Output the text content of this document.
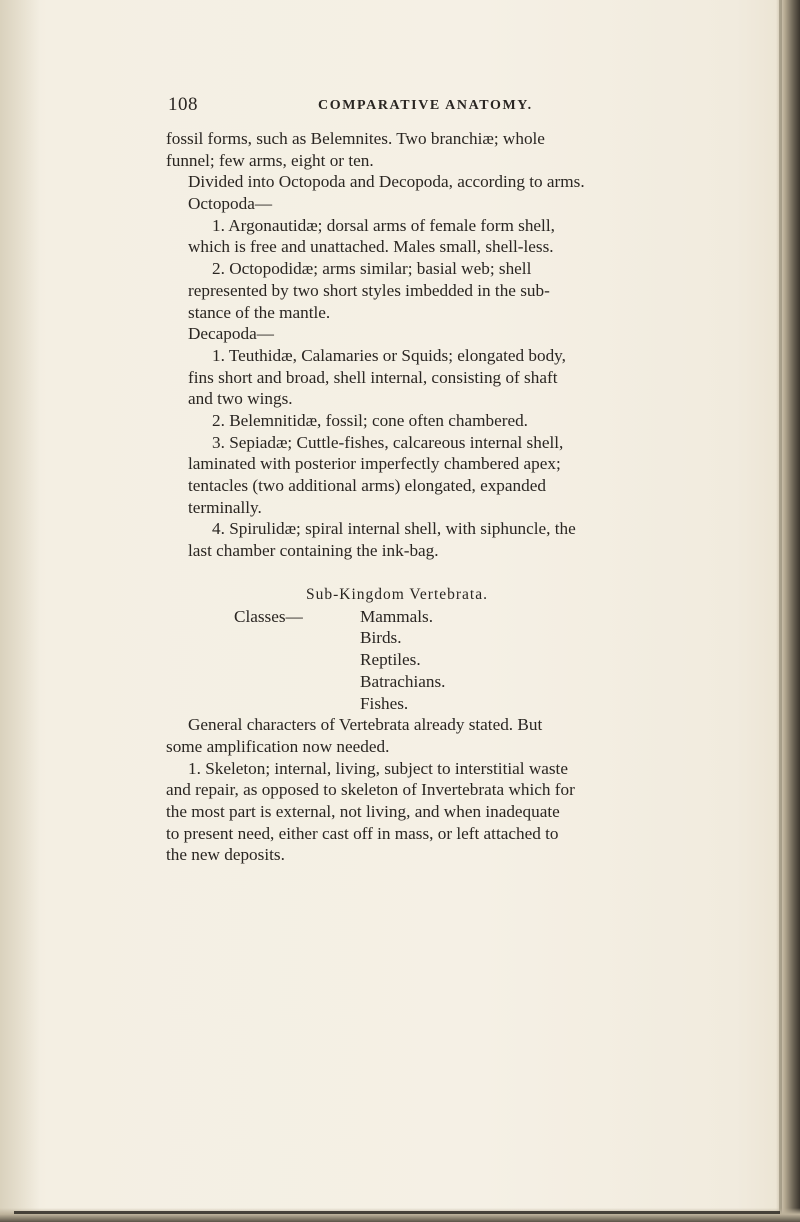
108	COMPARATIVE ANATOMY.
fossil forms, such as Belemnites. Two branchiæ; whole
funnel; few arms, eight or ten.
Divided into Octopoda and Decopoda, according to arms.
Octopoda—
1. Argonautidæ; dorsal arms of female form shell,
which is free and unattached. Males small, shell-less.
2. Octopodidæ; arms similar; basial web; shell
represented by two short styles imbedded in the sub-
stance of the mantle.
Decapoda—
1. Teuthidæ, Calamaries or Squids; elongated body,
fins short and broad, shell internal, consisting of shaft
and two wings.
2. Belemnitidæ, fossil; cone often chambered.
3. Sepiadæ; Cuttle-fishes, calcareous internal shell,
laminated with posterior imperfectly chambered apex;
tentacles (two additional arms) elongated, expanded
terminally.
4. Spirulidæ; spiral internal shell, with siphuncle, the
last chamber containing the ink-bag.
Sub-Kingdom Vertebrata.
Classes—	Mammals.
Birds.
Reptiles.
Batrachians.
Fishes.
General characters of Vertebrata already stated. But
some amplification now needed.
1. Skeleton; internal, living, subject to interstitial waste
and repair, as opposed to skeleton of Invertebrata which for
the most part is external, not living, and when inadequate
to present need, either cast off in mass, or left attached to
the new deposits.
